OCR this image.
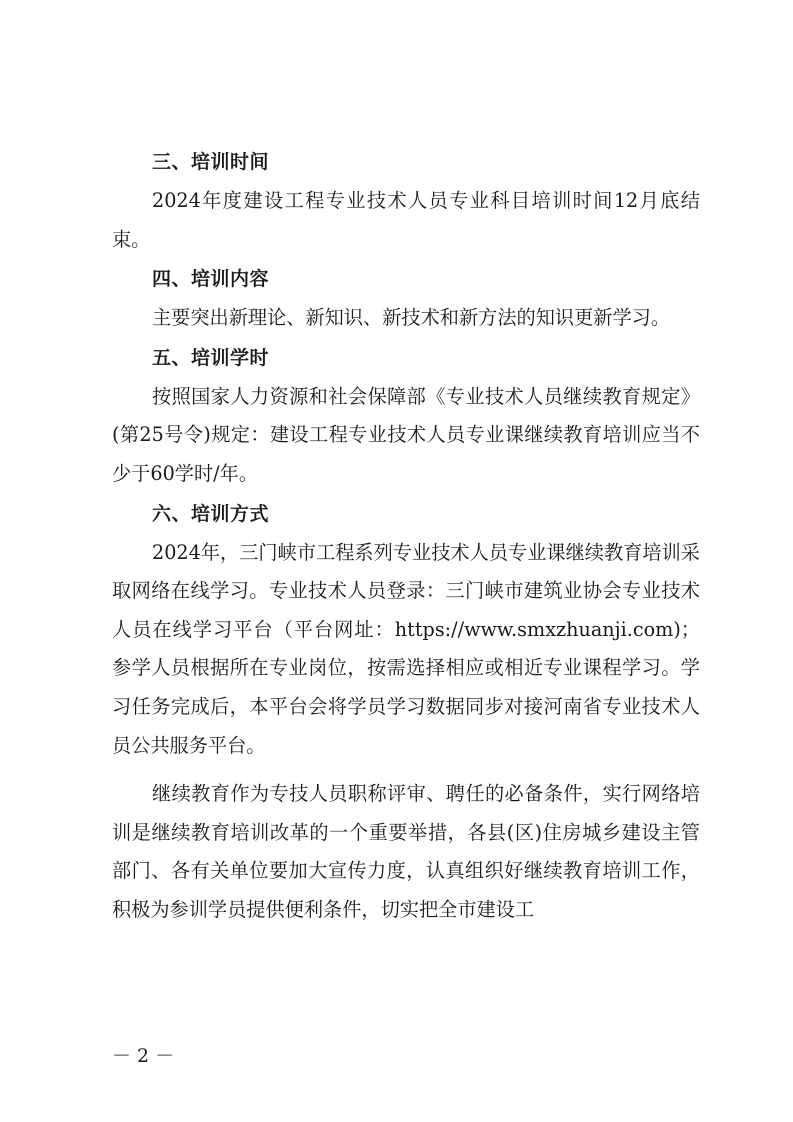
三、培训时间

2024年度建设工程专业技术人员专业科目培训时间12月底结束。

四、培训内容

主要突出新理论、新知识、新技术和新方法的知识更新学习。

五、培训学时

按照国家人力资源和社会保障部《专业技术人员继续教育规定》(第25号令)规定：建设工程专业技术人员专业课继续教育培训应当不少于60学时/年。

六、培训方式

2024年，三门峡市工程系列专业技术人员专业课继续教育培训采取网络在线学习。专业技术人员登录：三门峡市建筑业协会专业技术人员在线学习平台（平台网址：https://www.smxzhuanji.com)；参学人员根据所在专业岗位，按需选择相应或相近专业课程学习。学习任务完成后，本平台会将学员学习数据同步对接河南省专业技术人员公共服务平台。

继续教育作为专技人员职称评审、聘任的必备条件，实行网络培训是继续教育培训改革的一个重要举措，各县(区)住房城乡建设主管部门、各有关单位要加大宣传力度，认真组织好继续教育培训工作，积极为参训学员提供便利条件，切实把全市建设工

－ 2 －
